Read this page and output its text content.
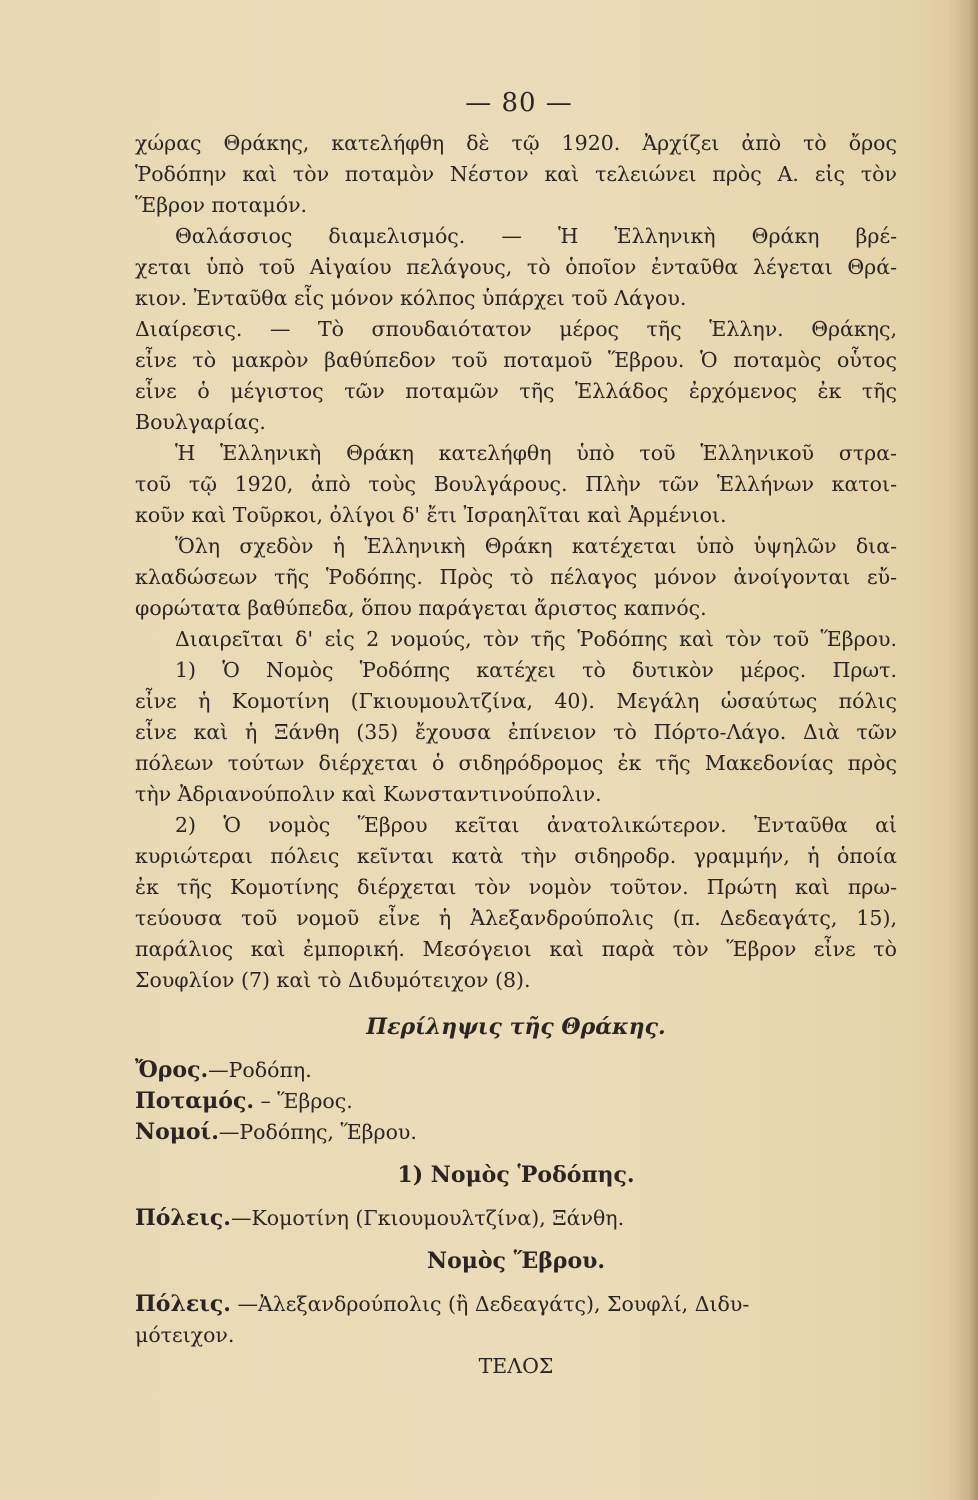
— 80 —
χώρας Θράκης, κατελήφθη δὲ τῷ 1920. Ἀρχίζει ἀπὸ τὸ ὄρος
Ῥοδόπην καὶ τὸν ποταμὸν Νέστον καὶ τελειώνει πρὸς Α. εἰς τὸν
Ἕβρον ποταμόν.
Θαλάσσιος διαμελισμός. — Ἡ Ἑλληνικὴ Θράκη βρέ-
χεται ὑπὸ τοῦ Αἰγαίου πελάγους, τὸ ὁποῖον ἐνταῦθα λέγεται Θρά-
κιον. Ἐνταῦθα εἷς μόνον κόλπος ὑπάρχει τοῦ Λάγου.
Διαίρεσις. — Τὸ σπουδαιότατον μέρος τῆς Ἑλλην. Θράκης,
εἶνε τὸ μακρὸν βαθύπεδον τοῦ ποταμοῦ Ἕβρου. Ὁ ποταμὸς οὗτος
εἶνε ὁ μέγιστος τῶν ποταμῶν τῆς Ἑλλάδος ἐρχόμενος ἐκ τῆς
Βουλγαρίας.
Ἡ Ἑλληνικὴ Θράκη κατελήφθη ὑπὸ τοῦ Ἑλληνικοῦ στρα-
τοῦ τῷ 1920, ἀπὸ τοὺς Βουλγάρους. Πλὴν τῶν Ἑλλήνων κατοι-
κοῦν καὶ Τοῦρκοι, ὀλίγοι δ' ἔτι Ἰσραηλῖται καὶ Ἀρμένιοι.
Ὅλη σχεδὸν ἡ Ἑλληνικὴ Θράκη κατέχεται ὑπὸ ὑψηλῶν δια-
κλαδώσεων τῆς Ῥοδόπης. Πρὸς τὸ πέλαγος μόνον ἀνοίγονται εὔ-
φορώτατα βαθύπεδα, ὅπου παράγεται ἄριστος καπνός.
Διαιρεῖται δ' εἰς 2 νομούς, τὸν τῆς Ῥοδόπης καὶ τὸν τοῦ Ἕβρου.
1) Ὁ Νομὸς Ῥοδόπης κατέχει τὸ δυτικὸν μέρος. Πρωτ.
εἶνε ἡ Κομοτίνη (Γκιουμουλτζίνα, 40). Μεγάλη ὡσαύτως πόλις
εἶνε καὶ ἡ Ξάνθη (35) ἔχουσα ἐπίνειον τὸ Πόρτο-Λάγο. Διὰ τῶν
πόλεων τούτων διέρχεται ὁ σιδηρόδρομος ἐκ τῆς Μακεδονίας πρὸς
τὴν Ἀδριανούπολιν καὶ Κωνσταντινούπολιν.
2) Ὁ νομὸς Ἕβρου κεῖται ἀνατολικώτερον. Ἐνταῦθα αἱ
κυριώτεραι πόλεις κεῖνται κατὰ τὴν σιδηροδρ. γραμμήν, ἡ ὁποία
ἐκ τῆς Κομοτίνης διέρχεται τὸν νομὸν τοῦτον. Πρώτη καὶ πρω-
τεύουσα τοῦ νομοῦ εἶνε ἡ Ἀλεξανδρούπολις (π. Δεδεαγάτς, 15),
παράλιος καὶ ἐμπορική. Μεσόγειοι καὶ παρὰ τὸν Ἕβρον εἶνε τὸ
Σουφλίον (7) καὶ τὸ Διδυμότειχον (8).
Περίληψις τῆς Θράκης.
Ὄρος.—Ροδόπη.
Ποταμός. – Ἕβρος.
Νομοί.—Ροδόπης, Ἕβρου.
1) Νομὸς Ῥοδόπης.
Πόλεις.—Κομοτίνη (Γκιουμουλτζίνα), Ξάνθη.
Νομὸς Ἕβρου.
Πόλεις. —Ἀλεξανδρούπολις (ἢ Δεδεαγάτς), Σουφλί, Διδυ-
μότειχον.
ΤΕΛΟΣ
